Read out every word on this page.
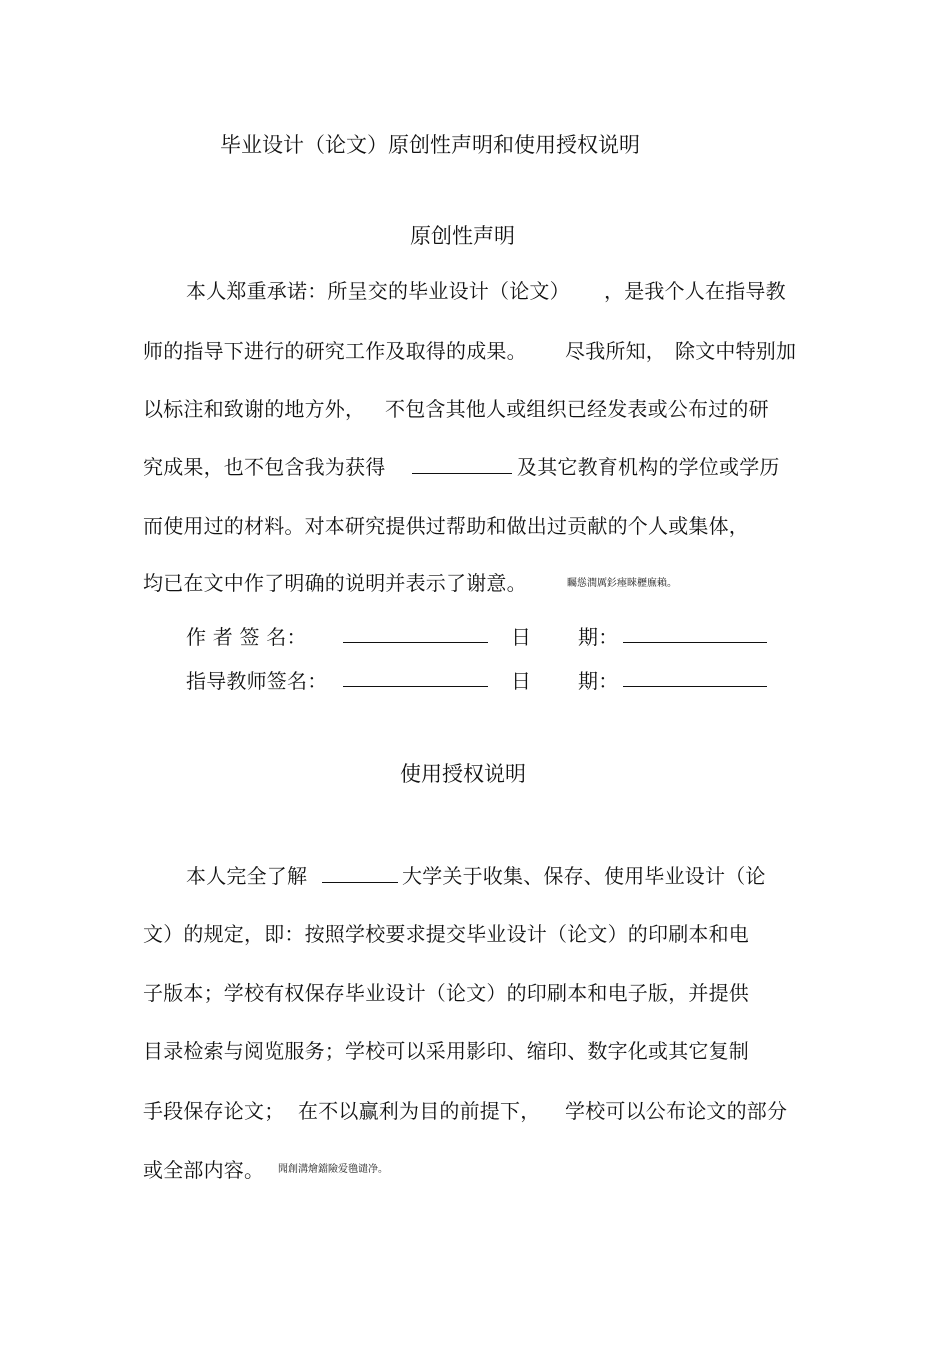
毕业设计（论文）原创性声明和使用授权说明
原创性声明
本人郑重承诺：所呈交的毕业设计（论文） ，是我个人在指导教
师的指导下进行的研究工作及取得的成果。 尽我所知， 除文中特别加
以标注和致谢的地方外， 不包含其他人或组织已经发表或公布过的研
究成果，也不包含我为获得	及其它教育机构的学位或学历
而使用过的材料。对本研究提供过帮助和做出过贡献的个人或集体，
均已在文中作了明确的说明并表示了谢意。	矚慫潤厲釤瘞睞櫪廡賴。
作 者 签 名：	日 期：
指导教师签名：	日 期：
使用授权说明
本人完全了解	大学关于收集、保存、使用毕业设计（论
文）的规定，即：按照学校要求提交毕业设计（论文）的印刷本和电
子版本；学校有权保存毕业设计（论文）的印刷本和电子版，并提供
目录检索与阅览服务；学校可以采用影印、缩印、数字化或其它复制
手段保存论文； 在不以赢利为目的前提下， 学校可以公布论文的部分
或全部内容。 聞創溝燴鐺險爱氇谴净。
